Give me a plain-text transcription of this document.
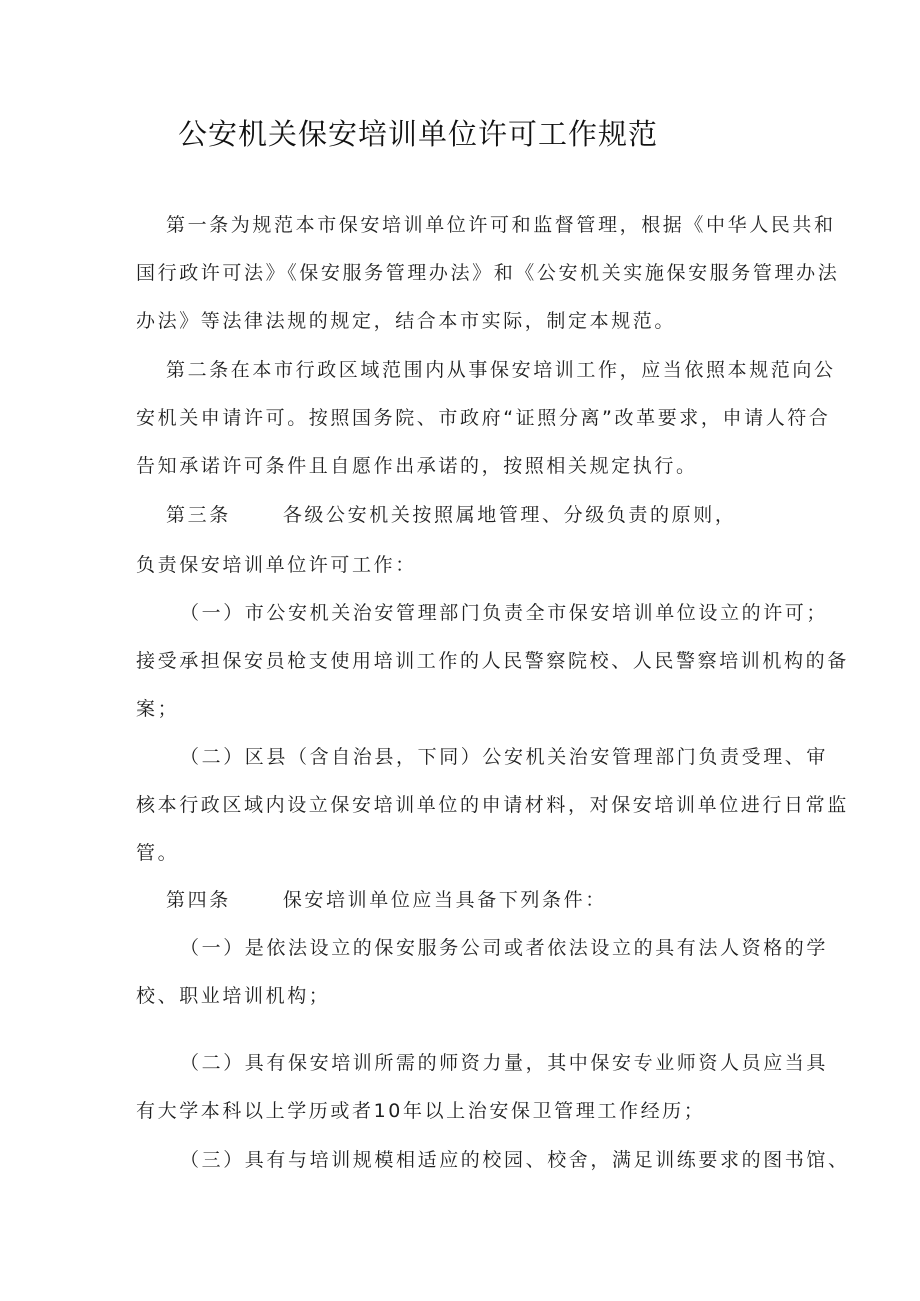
公安机关保安培训单位许可工作规范
第一条为规范本市保安培训单位许可和监督管理，根据《中华人民共和
国行政许可法》《保安服务管理办法》和《公安机关实施保安服务管理办法
办法》等法律法规的规定，结合本市实际，制定本规范。
第二条在本市行政区域范围内从事保安培训工作，应当依照本规范向公
安机关申请许可。按照国务院、市政府“证照分离”改革要求，申请人符合
告知承诺许可条件且自愿作出承诺的，按照相关规定执行。
第三条	各级公安机关按照属地管理、分级负责的原则，
负责保安培训单位许可工作：
（一）市公安机关治安管理部门负责全市保安培训单位设立的许可；
接受承担保安员枪支使用培训工作的人民警察院校、人民警察培训机构的备
案；
（二）区县（含自治县，下同）公安机关治安管理部门负责受理、审
核本行政区域内设立保安培训单位的申请材料，对保安培训单位进行日常监
管。
第四条	保安培训单位应当具备下列条件：
（一）是依法设立的保安服务公司或者依法设立的具有法人资格的学
校、职业培训机构；
（二）具有保安培训所需的师资力量，其中保安专业师资人员应当具
有大学本科以上学历或者10年以上治安保卫管理工作经历；
（三）具有与培训规模相适应的校园、校舍，满足训练要求的图书馆、
